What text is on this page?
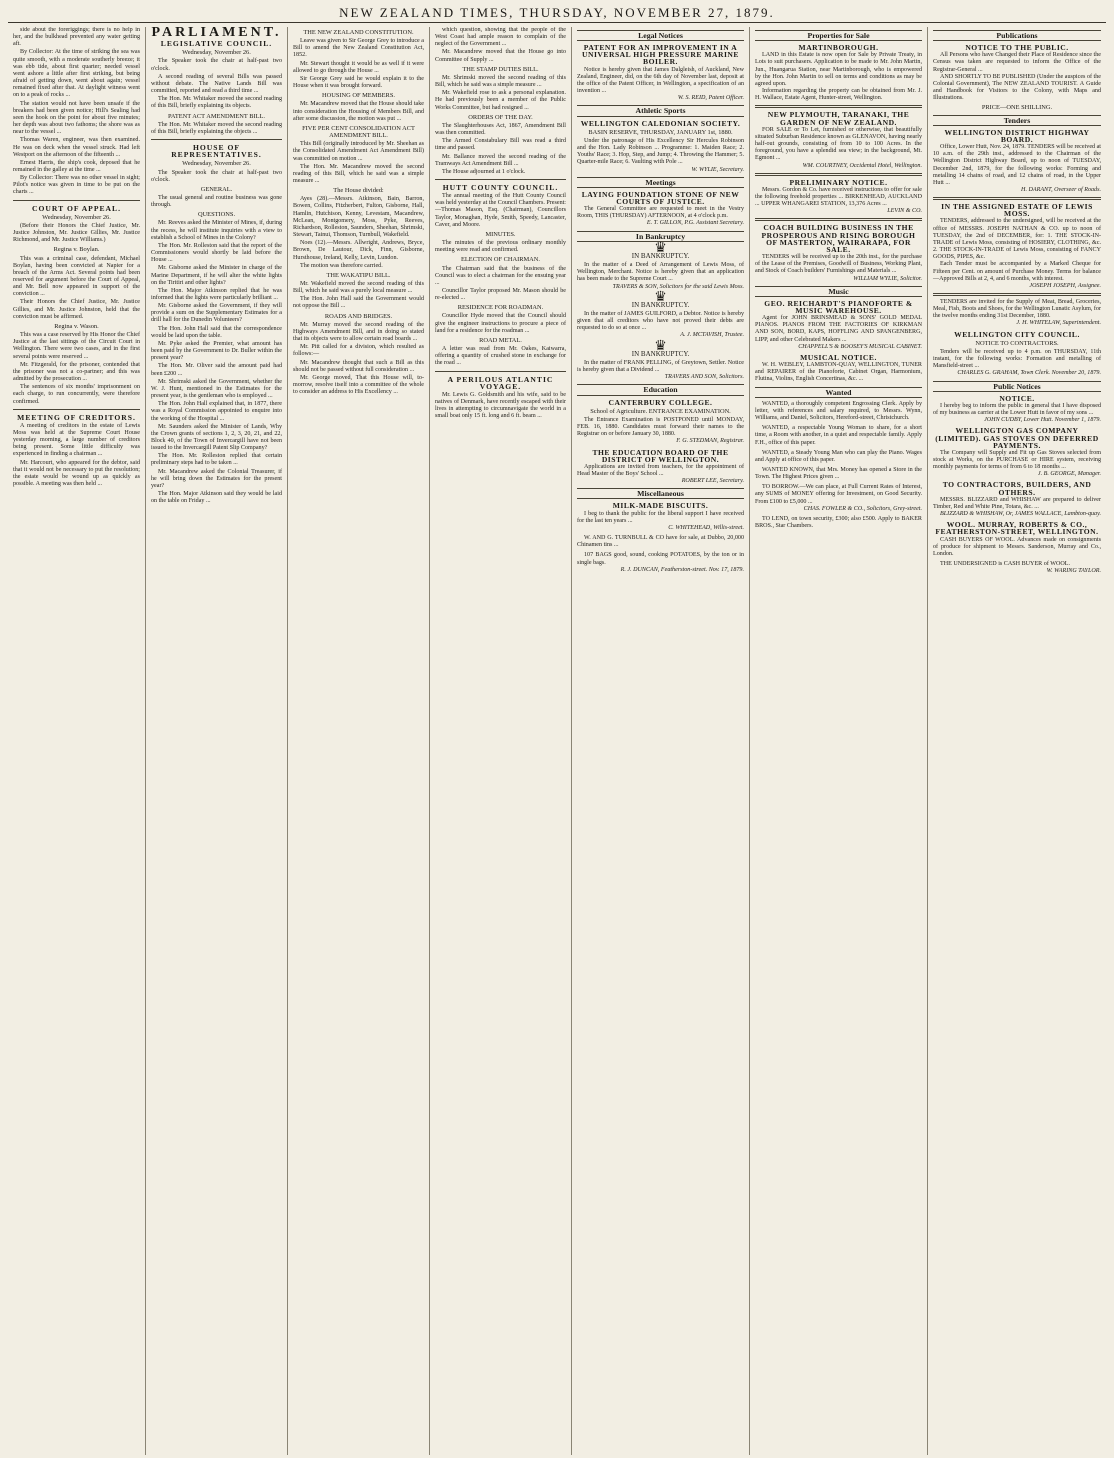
NEW ZEALAND TIMES, THURSDAY, NOVEMBER 27, 1879.

side about the foreriggings; there is no help in her, and the bulkhead prevented any water getting aft.

By Collector: At the time of striking the sea was quite smooth, with a moderate southerly breeze; it was ebb tide, about first quarter; needed vessel went ashore a little after first striking, but being afraid of getting down, went about again; vessel remained fixed after that. At daylight witness went on to a peak of rocks ...

The station would not have been unsafe if the breakers had been given notice; Hill's Sealing had seen the hook on the point for about five minutes; her depth was about two fathoms; the shore was as near to the vessel ...

Thomas Waren, engineer, was then examined. He was on deck when the vessel struck. Had left Westport on the afternoon of the fifteenth ...

Ernest Harris, the ship's cook, deposed that he remained in the galley at the time ...

By Collector: There was no other vessel in sight; Pilot's notice was given in time to be put on the charts ...

COURT OF APPEAL.
Wednesday, November 26.

(Before their Honors the Chief Justice, Mr. Justice Johnston, Mr. Justice Gillies, Mr. Justice Richmond, and Mr. Justice Williams.)

Regina v. Boylan.

This was a criminal case, defendant, Michael Boylan, having been convicted at Napier for a breach of the Arms Act. Several points had been reserved for argument before the Court of Appeal, and Mr. Bell now appeared in support of the conviction ...

Their Honors the Chief Justice, Mr. Justice Gillies, and Mr. Justice Johnston, held that the conviction must be affirmed.

Regina v. Wason.

This was a case reserved by His Honor the Chief Justice at the last sittings of the Circuit Court in Wellington. There were two cases, and in the first several points were reserved ...

Mr. Fitzgerald, for the prisoner, contended that the prisoner was not a co-partner; and this was admitted by the prosecution ...

The sentences of six months' imprisonment on each charge, to run concurrently, were therefore confirmed.

MEETING OF CREDITORS.

A meeting of creditors in the estate of Lewis Moss was held at the Supreme Court House yesterday morning, a large number of creditors being present. Some little difficulty was experienced in finding a chairman ...

Mr. Harcourt, who appeared for the debtor, said that it would not be necessary to put the resolution; the estate would be wound up as quickly as possible. A meeting was then held ...

PARLIAMENT.
LEGISLATIVE COUNCIL.
Wednesday, November 26.

The Speaker took the chair at half-past two o'clock.

A second reading of several Bills was passed without debate. The Native Lands Bill was committed, reported and read a third time ...

The Hon. Mr. Whitaker moved the second reading of this Bill, briefly explaining its objects.

PATENT ACT AMENDMENT BILL.

The Hon. Mr. Whitaker moved the second reading of this Bill, briefly explaining the objects ...

HOUSE OF REPRESENTATIVES.
Wednesday, November 26.

The Speaker took the chair at half-past two o'clock.

GENERAL.

The usual general and routine business was gone through.

QUESTIONS.

Mr. Reeves asked the Minister of Mines, if, during the recess, he will institute inquiries with a view to establish a School of Mines in the Colony?

The Hon. Mr. Rolleston said that the report of the Commissioners would shortly be laid before the House ...

Mr. Gisborne asked the Minister in charge of the Marine Department, if he will alter the white lights on the Tiritiri and other lights?

The Hon. Major Atkinson replied that he was informed that the lights were particularly brilliant ...

Mr. Gisborne asked the Government, if they will provide a sum on the Supplementary Estimates for a drill hall for the Dunedin Volunteers?

The Hon. John Hall said that the correspondence would be laid upon the table.

Mr. Pyke asked the Premier, what amount has been paid by the Government to Dr. Buller within the present year?

The Hon. Mr. Oliver said the amount paid had been £200 ...

Mr. Shrimski asked the Government, whether the W. J. Hunt, mentioned in the Estimates for the present year, is the gentleman who is employed ...

The Hon. John Hall explained that, in 1877, there was a Royal Commission appointed to enquire into the working of the Hospital ...

Mr. Saunders asked the Minister of Lands, Why the Crown grants of sections 1, 2, 3, 20, 21, and 22, Block 40, of the Town of Invercargill have not been issued to the Invercargill Patent Slip Company?

The Hon. Mr. Rolleston replied that certain preliminary steps had to be taken ...

Mr. Macandrew asked the Colonial Treasurer, if he will bring down the Estimates for the present year?

The Hon. Major Atkinson said they would be laid on the table on Friday ...

THE NEW ZEALAND CONSTITUTION.

Leave was given to Sir George Grey to introduce a Bill to amend the New Zealand Constitution Act, 1852.

Mr. Stewart thought it would be as well if it were allowed to go through the House ...

Sir George Grey said he would explain it to the House when it was brought forward.

HOUSING OF MEMBERS.

Mr. Macandrew moved that the House should take into consideration the Housing of Members Bill, and after some discussion, the motion was put ...

FIVE PER CENT CONSOLIDATION ACT AMENDMENT BILL.

This Bill (originally introduced by Mr. Sheehan as the Consolidated Amendment Act Amendment Bill) was committed on motion ...

The Hon. Mr. Macandrew moved the second reading of this Bill, which he said was a simple measure ...

The House divided:

Ayes (28).—Messrs. Atkinson, Bain, Barron, Bowen, Collins, Fitzherbert, Fulton, Gisborne, Hall, Hamlin, Hutchison, Kenny, Levestam, Macandrew, McLean, Montgomery, Moss, Pyke, Reeves, Richardson, Rolleston, Saunders, Sheehan, Shrimski, Stewart, Tainui, Thomson, Turnbull, Wakefield.

Noes (12).—Messrs. Allwright, Andrews, Bryce, Brown, De Lautour, Dick, Finn, Gisborne, Hursthouse, Ireland, Kelly, Levin, Lundon.

The motion was therefore carried.

THE WAKATIPU BILL.

Mr. Wakefield moved the second reading of this Bill, which he said was a purely local measure ...

The Hon. John Hall said the Government would not oppose the Bill ...

ROADS AND BRIDGES.

Mr. Murray moved the second reading of the Highways Amendment Bill, and in doing so stated that its objects were to allow certain road boards ...

Mr. Pitt called for a division, which resulted as follows:—

Mr. Macandrew thought that such a Bill as this should not be passed without full consideration ...

Mr. George moved, That this House will, to-morrow, resolve itself into a committee of the whole to consider an address to His Excellency ...

which question, showing that the people of the West Coast had ample reason to complain of the neglect of the Government ...

Mr. Macandrew moved that the House go into Committee of Supply ...

THE STAMP DUTIES BILL.

Mr. Shrimski moved the second reading of this Bill, which he said was a simple measure ...

Mr. Wakefield rose to ask a personal explanation. He had previously been a member of the Public Works Committee, but had resigned ...

ORDERS OF THE DAY.

The Slaughterhouses Act, 1867, Amendment Bill was then committed.

The Armed Constabulary Bill was read a third time and passed.

Mr. Ballance moved the second reading of the Tramways Act Amendment Bill ...

The House adjourned at 1 o'clock.

HUTT COUNTY COUNCIL.

The annual meeting of the Hutt County Council was held yesterday at the Council Chambers. Present:—Thomas Mason, Esq. (Chairman), Councillors Taylor, Monaghan, Hyde, Smith, Speedy, Lancaster, Caver, and Moore.

MINUTES.

The minutes of the previous ordinary monthly meeting were read and confirmed.

ELECTION OF CHAIRMAN.

The Chairman said that the business of the Council was to elect a chairman for the ensuing year ...

Councillor Taylor proposed Mr. Mason should be re-elected ...

RESIDENCE FOR ROADMAN.

Councillor Hyde moved that the Council should give the engineer instructions to procure a piece of land for a residence for the roadman ...

ROAD METAL.

A letter was read from Mr. Oakes, Kaiwarra, offering a quantity of crushed stone in exchange for the road ...

A PERILOUS ATLANTIC VOYAGE.

Mr. Lewis G. Goldsmith and his wife, said to be natives of Denmark, have recently escaped with their lives in attempting to circumnavigate the world in a small boat only 15 ft. long and 6 ft. beam ...

Legal Notices
PATENT FOR AN IMPROVEMENT IN A UNIVERSAL HIGH PRESSURE MARINE BOILER.

Notice is hereby given that James Dalgleish, of Auckland, New Zealand, Engineer, did, on the 6th day of November last, deposit at the office of the Patent Officer, in Wellington, a specification of an invention ...

W. S. REID, Patent Officer.

Athletic Sports
WELLINGTON CALEDONIAN SOCIETY.
BASIN RESERVE, THURSDAY, JANUARY 1st, 1880.

Under the patronage of His Excellency Sir Hercules Robinson and the Hon. Lady Robinson ... Programme: 1. Maiden Race; 2. Youths' Race; 3. Hop, Step, and Jump; 4. Throwing the Hammer; 5. Quarter-mile Race; 6. Vaulting with Pole ...

W. WYLIE, Secretary.

Meetings
LAYING FOUNDATION STONE OF NEW COURTS OF JUSTICE.

The General Committee are requested to meet in the Vestry Room, THIS (THURSDAY) AFTERNOON, at 4 o'clock p.m.

E. T. GILLON, P.G. Assistant Secretary.

In Bankruptcy
♛
IN BANKRUPTCY.

In the matter of a Deed of Arrangement of Lewis Moss, of Wellington, Merchant. Notice is hereby given that an application has been made to the Supreme Court ...

TRAVERS & SON, Solicitors for the said Lewis Moss.

♛
IN BANKRUPTCY.

In the matter of JAMES GUILFORD, a Debtor. Notice is hereby given that all creditors who have not proved their debts are requested to do so at once ...

A. J. MCTAVISH, Trustee.

♛
IN BANKRUPTCY.

In the matter of FRANK PELLING, of Greytown, Settler. Notice is hereby given that a Dividend ...

TRAVERS AND SON, Solicitors.

Education
CANTERBURY COLLEGE.
School of Agriculture. ENTRANCE EXAMINATION.

The Entrance Examination is POSTPONED until MONDAY, FEB. 16, 1880. Candidates must forward their names to the Registrar on or before January 30, 1880.

F. G. STEDMAN, Registrar.

THE EDUCATION BOARD OF THE DISTRICT OF WELLINGTON.

Applications are invited from teachers, for the appointment of Head Master of the Boys' School ...

ROBERT LEE, Secretary.

Miscellaneous
MILK-MADE BISCUITS.

I beg to thank the public for the liberal support I have received for the last ten years ...

C. WHITEHEAD, Willis-street.

W. AND G. TURNBULL & CO have for sale, at Dubbo, 20,000 Chinamen tins ...

107 BAGS good, sound, cooking POTATOES, by the ton or in single bags.

R. J. DUNCAN, Featherston-street. Nov. 17, 1879.

Properties for Sale
MARTINBOROUGH.

LAND in this Estate is now open for Sale by Private Treaty, in Lots to suit purchasers. Application to be made to Mr. John Martin, Jun., Huangarua Station, near Martinborough, who is empowered by the Hon. John Martin to sell on terms and conditions as may be agreed upon.

Information regarding the property can be obtained from Mr. J. H. Wallace, Estate Agent, Hunter-street, Wellington.

NEW PLYMOUTH, TARANAKI, THE GARDEN OF NEW ZEALAND.

FOR SALE or To Let, furnished or otherwise, that beautifully situated Suburban Residence known as GLENAVON, having nearly half-out grounds, consisting of from 10 to 100 Acres. In the foreground, you have a splendid sea view; in the background, Mt. Egmont ...

WM. COURTNEY, Occidental Hotel, Wellington.

PRELIMINARY NOTICE.

Messrs. Gordon & Co. have received instructions to offer for sale the following freehold properties ... BIRKENHEAD, AUCKLAND ... UPPER WHANGAREI STATION, 13,376 Acres ...

LEVIN & CO.

COACH BUILDING BUSINESS IN THE PROSPEROUS AND RISING BOROUGH OF MASTERTON, WAIRARAPA, FOR SALE.

TENDERS will be received up to the 20th inst., for the purchase of the Lease of the Premises, Goodwill of Business, Working Plant, and Stock of Coach builders' Furnishings and Materials ...

WILLIAM WYLIE, Solicitor.

Music
GEO. REICHARDT'S PIANOFORTE & MUSIC WAREHOUSE.

Agent for JOHN BRINSMEAD & SONS' GOLD MEDAL PIANOS. PIANOS FROM THE FACTORIES OF KIRKMAN AND SON, BORD, KAPS, HOFFLING AND SPANGENBERG, LIPP, and other Celebrated Makers ...

CHAPPELL'S & BOOSEY'S MUSICAL CABINET.

MUSICAL NOTICE.

W. H. WEBLEY, LAMBTON-QUAY, WELLINGTON, TUNER and REPAIRER of the Pianoforte, Cabinet Organ, Harmonium, Flutina, Violins, English Concertinas, &c. ...

Wanted

WANTED, a thoroughly competent Engrossing Clerk. Apply by letter, with references and salary required, to Messrs. Wynn, Williams, and Daniel, Solicitors, Hereford-street, Christchurch.

WANTED, a respectable Young Woman to share, for a short time, a Room with another, in a quiet and respectable family. Apply F.H., office of this paper.

WANTED, a Steady Young Man who can play the Piano. Wages and Apply at office of this paper.

WANTED KNOWN, that Mrs. Money has opened a Store in the Town. The Highest Prices given ...

TO BORROW.—We can place, at Full Current Rates of Interest, any SUMS of MONEY offering for Investment, on Good Security. From £100 to £5,000 ...

CHAS. FOWLER & CO., Solicitors, Grey-street.

TO LEND, on town security, £300; also £500. Apply to BAKER BROS., Star Chambers.

Publications
NOTICE TO THE PUBLIC.

All Persons who have Changed their Place of Residence since the Census was taken are requested to inform the Office of the Registrar-General ...

AND SHORTLY TO BE PUBLISHED (Under the auspices of the Colonial Government), The NEW ZEALAND TOURIST. A Guide and Handbook for Visitors to the Colony, with Maps and Illustrations.

PRICE—ONE SHILLING.
Tenders
WELLINGTON DISTRICT HIGHWAY BOARD.

Office, Lower Hutt, Nov. 24, 1879. TENDERS will be received at 10 a.m. of the 29th inst., addressed to the Chairman of the Wellington District Highway Board, up to noon of TUESDAY, December 2nd, 1879, for the following works: Forming and metalling 14 chains of road, and 12 chains of road, in the Upper Hutt ...

H. DARANT, Overseer of Roads.

IN THE ASSIGNED ESTATE OF LEWIS MOSS.

TENDERS, addressed to the undersigned, will be received at the office of MESSRS. JOSEPH NATHAN & CO. up to noon of TUESDAY, the 2nd of DECEMBER, for: 1. THE STOCK-IN-TRADE of Lewis Moss, consisting of HOSIERY, CLOTHING, &c. 2. THE STOCK-IN-TRADE of Lewis Moss, consisting of FANCY GOODS, PIPES, &c.

Each Tender must be accompanied by a Marked Cheque for Fifteen per Cent. on amount of Purchase Money. Terms for balance—Approved Bills at 2, 4, and 6 months, with interest.

JOSEPH JOSEPH, Assignee.

TENDERS are invited for the Supply of Meat, Bread, Groceries, Meal, Fish, Boots and Shoes, for the Wellington Lunatic Asylum, for the twelve months ending 31st December, 1880.

J. H. WHITELAW, Superintendent.

WELLINGTON CITY COUNCIL.
NOTICE TO CONTRACTORS.

Tenders will be received up to 4 p.m. on THURSDAY, 11th instant, for the following works: Formation and metalling of Mansfield-street ...

CHARLES G. GRAHAM, Town Clerk. November 20, 1879.

Public Notices
NOTICE.

I hereby beg to inform the public in general that I have disposed of my business as carrier at the Lower Hutt in favor of my sons ...

JOHN CUDBY, Lower Hutt. November 1, 1879.

WELLINGTON GAS COMPANY (LIMITED). GAS STOVES ON DEFERRED PAYMENTS.

The Company will Supply and Fit up Gas Stoves selected from stock at Works, on the PURCHASE or HIRE system, receiving monthly payments for terms of from 6 to 18 months ...

J. B. GEORGE, Manager.

TO CONTRACTORS, BUILDERS, AND OTHERS.

MESSRS. BLIZZARD and WHISHAW are prepared to deliver Timber, Red and White Pine, Totara, &c. ...

BLIZZARD & WHISHAW, Or, JAMES WALLACE, Lambton-quay.

WOOL. MURRAY, ROBERTS & CO., FEATHERSTON-STREET, WELLINGTON.

CASH BUYERS OF WOOL. Advances made on consignments of produce for shipment to Messrs. Sanderson, Murray and Co., London.

THE UNDERSIGNED is CASH BUYER of WOOL.

W. WARING TAYLOR.
